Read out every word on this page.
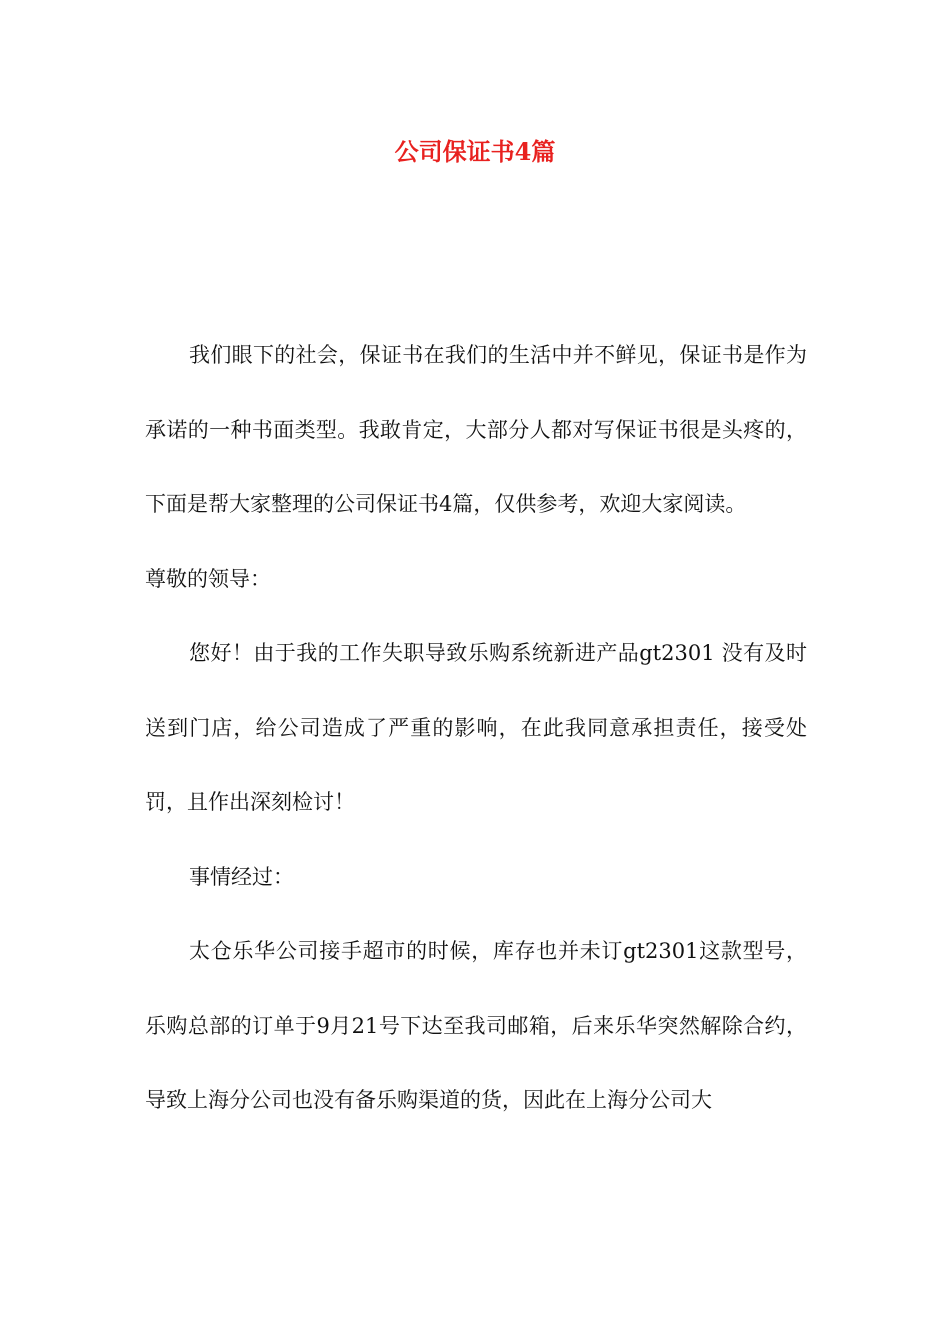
公司保证书4篇

我们眼下的社会，保证书在我们的生活中并不鲜见，保证书是作为承诺的一种书面类型。我敢肯定，大部分人都对写保证书很是头疼的，下面是帮大家整理的公司保证书4篇，仅供参考，欢迎大家阅读。

尊敬的领导：

您好！由于我的工作失职导致乐购系统新进产品gt2301 没有及时送到门店，给公司造成了严重的影响，在此我同意承担责任，接受处罚，且作出深刻检讨！

事情经过：

太仓乐华公司接手超市的时候，库存也并未订gt2301这款型号，乐购总部的订单于9月21号下达至我司邮箱，后来乐华突然解除合约，导致上海分公司也没有备乐购渠道的货，因此在上海分公司大
